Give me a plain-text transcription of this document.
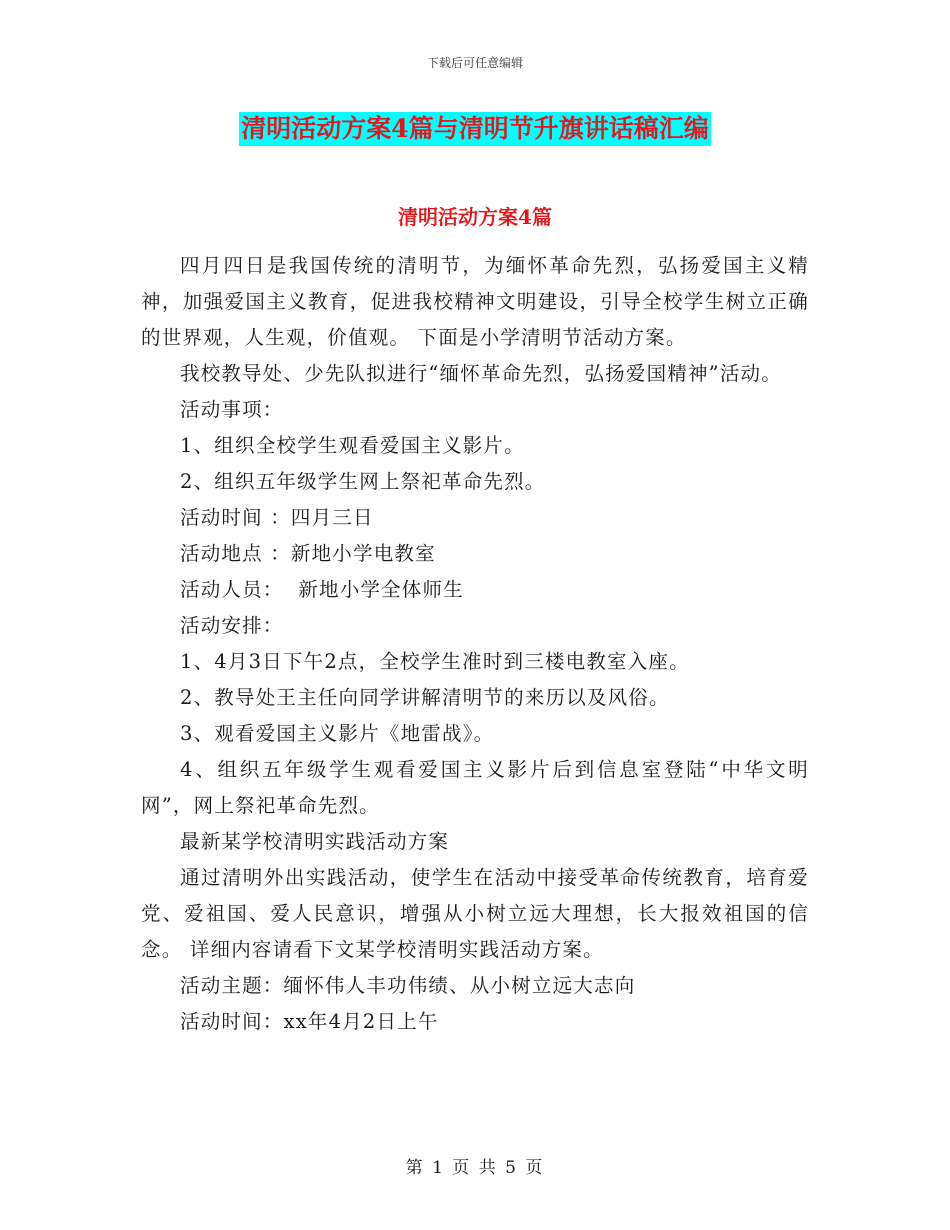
下载后可任意编辑
清明活动方案4篇与清明节升旗讲话稿汇编
清明活动方案4篇

四月四日是我国传统的清明节，为缅怀革命先烈，弘扬爱国主义精神，加强爱国主义教育，促进我校精神文明建设，引导全校学生树立正确的世界观，人生观，价值观。 下面是小学清明节活动方案。

我校教导处、少先队拟进行“缅怀革命先烈，弘扬爱国精神”活动。

活动事项：

1、组织全校学生观看爱国主义影片。

2、组织五年级学生网上祭祀革命先烈。

活动时间 ：四月三日

活动地点 ：新地小学电教室

活动人员：  新地小学全体师生

活动安排：

1、4月3日下午2点，全校学生准时到三楼电教室入座。

2、教导处王主任向同学讲解清明节的来历以及风俗。

3、观看爱国主义影片《地雷战》。

4、组织五年级学生观看爱国主义影片后到信息室登陆“中华文明网”，网上祭祀革命先烈。

最新某学校清明实践活动方案

通过清明外出实践活动，使学生在活动中接受革命传统教育，培育爱党、爱祖国、爱人民意识，增强从小树立远大理想，长大报效祖国的信念。 详细内容请看下文某学校清明实践活动方案。

活动主题：缅怀伟人丰功伟绩、从小树立远大志向

活动时间：xx年4月2日上午

第 1 页 共 5 页
